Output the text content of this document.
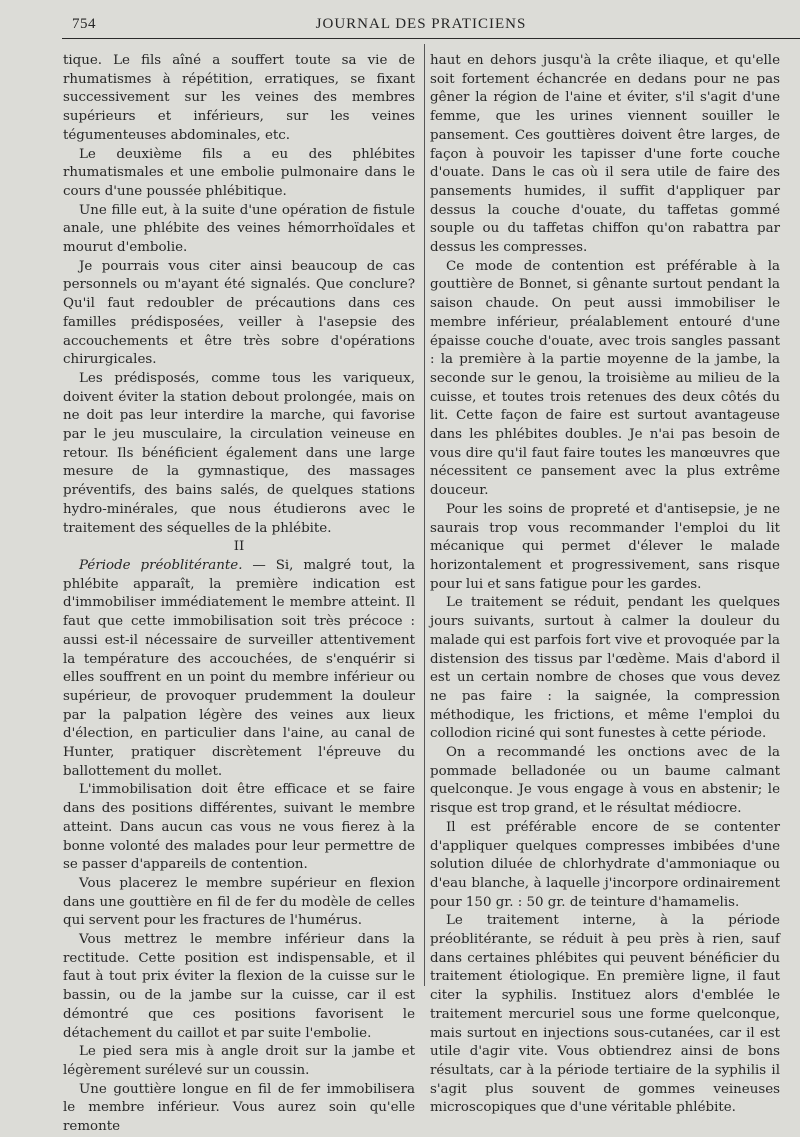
754	JOURNAL DES PRATICIENS

tique. Le fils aîné a souffert toute sa vie de rhumatismes à répétition, erratiques, se fixant successivement sur les veines des membres supérieurs et inférieurs, sur les veines tégumenteuses abdominales, etc.

Le deuxième fils a eu des phlébites rhumatismales et une embolie pulmonaire dans le cours d'une poussée phlébitique.

Une fille eut, à la suite d'une opération de fistule anale, une phlébite des veines hémorrhoïdales et mourut d'embolie.

Je pourrais vous citer ainsi beaucoup de cas personnels ou m'ayant été signalés. Que conclure? Qu'il faut redoubler de précautions dans ces familles prédisposées, veiller à l'asepsie des accouchements et être très sobre d'opérations chirurgicales.

Les prédisposés, comme tous les variqueux, doivent éviter la station debout prolongée, mais on ne doit pas leur interdire la marche, qui favorise par le jeu musculaire, la circulation veineuse en retour. Ils bénéficient également dans une large mesure de la gymnastique, des massages préventifs, des bains salés, de quelques stations hydro-minérales, que nous étudierons avec le traitement des séquelles de la phlébite.

II

Période préoblitérante. — Si, malgré tout, la phlébite apparaît, la première indication est d'immobiliser immédiatement le membre atteint. Il faut que cette immobilisation soit très précoce : aussi est-il nécessaire de surveiller attentivement la température des accouchées, de s'enquérir si elles souffrent en un point du membre inférieur ou supérieur, de provoquer prudemment la douleur par la palpation légère des veines aux lieux d'élection, en particulier dans l'aine, au canal de Hunter, pratiquer discrètement l'épreuve du ballottement du mollet.

L'immobilisation doit être efficace et se faire dans des positions différentes, suivant le membre atteint. Dans aucun cas vous ne vous fierez à la bonne volonté des malades pour leur permettre de se passer d'appareils de contention.

Vous placerez le membre supérieur en flexion dans une gouttière en fil de fer du modèle de celles qui servent pour les fractures de l'humérus.

Vous mettrez le membre inférieur dans la rectitude. Cette position est indispensable, et il faut à tout prix éviter la flexion de la cuisse sur le bassin, ou de la jambe sur la cuisse, car il est démontré que ces positions favorisent le détachement du caillot et par suite l'embolie.

Le pied sera mis à angle droit sur la jambe et légèrement surélevé sur un coussin.

Une gouttière longue en fil de fer immobilisera le membre inférieur. Vous aurez soin qu'elle remonte

haut en dehors jusqu'à la crête iliaque, et qu'elle soit fortement échancrée en dedans pour ne pas gêner la région de l'aine et éviter, s'il s'agit d'une femme, que les urines viennent souiller le pansement. Ces gouttières doivent être larges, de façon à pouvoir les tapisser d'une forte couche d'ouate. Dans le cas où il sera utile de faire des pansements humides, il suffit d'appliquer par dessus la couche d'ouate, du taffetas gommé souple ou du taffetas chiffon qu'on rabattra par dessus les compresses.

Ce mode de contention est préférable à la gouttière de Bonnet, si gênante surtout pendant la saison chaude. On peut aussi immobiliser le membre inférieur, préalablement entouré d'une épaisse couche d'ouate, avec trois sangles passant : la première à la partie moyenne de la jambe, la seconde sur le genou, la troisième au milieu de la cuisse, et toutes trois retenues des deux côtés du lit. Cette façon de faire est surtout avantageuse dans les phlébites doubles. Je n'ai pas besoin de vous dire qu'il faut faire toutes les manœuvres que nécessitent ce pansement avec la plus extrême douceur.

Pour les soins de propreté et d'antisepsie, je ne saurais trop vous recommander l'emploi du lit mécanique qui permet d'élever le malade horizontalement et progressivement, sans risque pour lui et sans fatigue pour les gardes.

Le traitement se réduit, pendant les quelques jours suivants, surtout à calmer la douleur du malade qui est parfois fort vive et provoquée par la distension des tissus par l'œdème. Mais d'abord il est un certain nombre de choses que vous devez ne pas faire : la saignée, la compression méthodique, les frictions, et même l'emploi du collodion riciné qui sont funestes à cette période.

On a recommandé les onctions avec de la pommade belladonée ou un baume calmant quelconque. Je vous engage à vous en abstenir; le risque est trop grand, et le résultat médiocre.

Il est préférable encore de se contenter d'appliquer quelques compresses imbibées d'une solution diluée de chlorhydrate d'ammoniaque ou d'eau blanche, à laquelle j'incorpore ordinairement pour 150 gr. : 50 gr. de teinture d'hamamelis.

Le traitement interne, à la période préoblitérante, se réduit à peu près à rien, sauf dans certaines phlébites qui peuvent bénéficier du traitement étiologique. En première ligne, il faut citer la syphilis. Instituez alors d'emblée le traitement mercuriel sous une forme quelconque, mais surtout en injections sous-cutanées, car il est utile d'agir vite. Vous obtiendrez ainsi de bons résultats, car à la période tertiaire de la syphilis il s'agit plus souvent de gommes veineuses microscopiques que d'une véritable phlébite.
